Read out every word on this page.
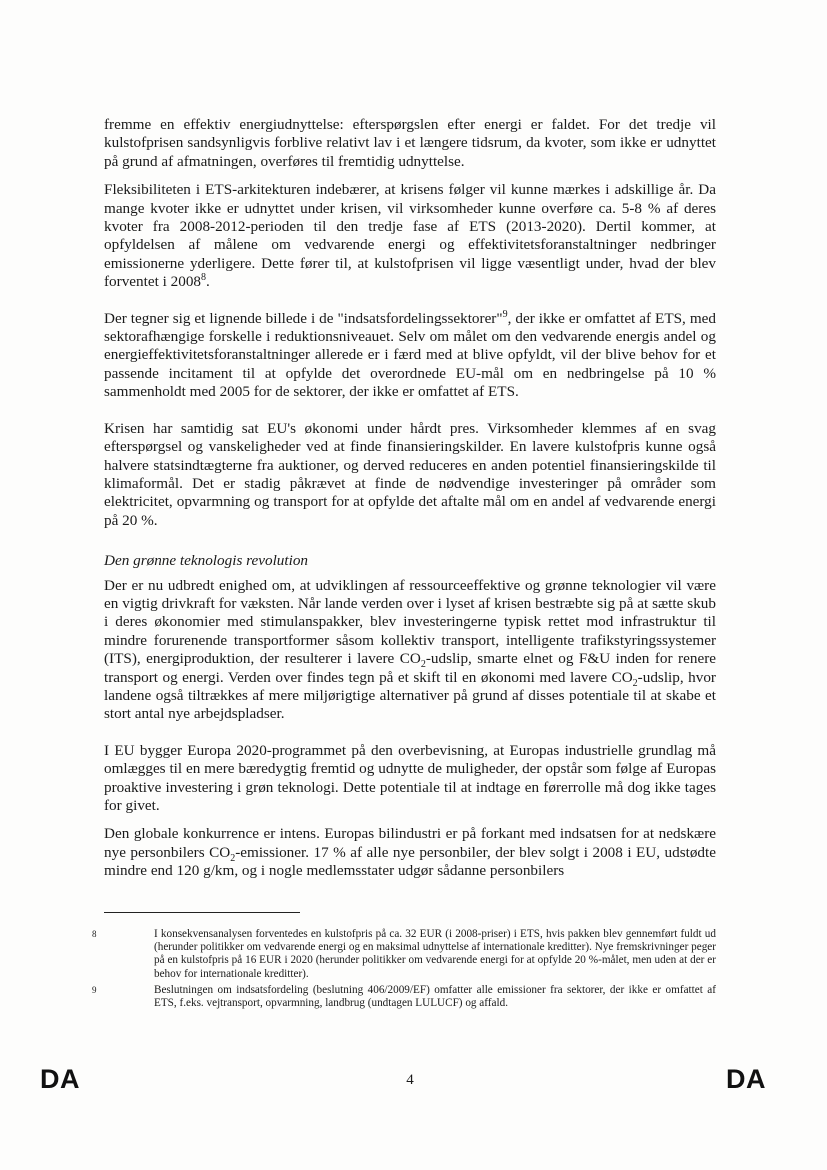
fremme en effektiv energiudnyttelse: efterspørgslen efter energi er faldet. For det tredje vil kulstofprisen sandsynligvis forblive relativt lav i et længere tidsrum, da kvoter, som ikke er udnyttet på grund af afmatningen, overføres til fremtidig udnyttelse.

Fleksibiliteten i ETS-arkitekturen indebærer, at krisens følger vil kunne mærkes i adskillige år. Da mange kvoter ikke er udnyttet under krisen, vil virksomheder kunne overføre ca. 5-8 % af deres kvoter fra 2008-2012-perioden til den tredje fase af ETS (2013-2020). Dertil kommer, at opfyldelsen af målene om vedvarende energi og effektivitetsforanstaltninger nedbringer emissionerne yderligere. Dette fører til, at kulstofprisen vil ligge væsentligt under, hvad der blev forventet i 2008$^8$.

Der tegner sig et lignende billede i de "indsatsfordelingssektorer"$^9$, der ikke er omfattet af ETS, med sektorafhængige forskelle i reduktionsniveauet. Selv om målet om den vedvarende energis andel og energieffektivitetsforanstaltninger allerede er i færd med at blive opfyldt, vil der blive behov for et passende incitament til at opfylde det overordnede EU-mål om en nedbringelse på 10 % sammenholdt med 2005 for de sektorer, der ikke er omfattet af ETS.

Krisen har samtidig sat EU's økonomi under hårdt pres. Virksomheder klemmes af en svag efterspørgsel og vanskeligheder ved at finde finansieringskilder. En lavere kulstofpris kunne også halvere statsindtægterne fra auktioner, og derved reduceres en anden potentiel finansieringskilde til klimaformål. Det er stadig påkrævet at finde de nødvendige investeringer på områder som elektricitet, opvarmning og transport for at opfylde det aftalte mål om en andel af vedvarende energi på 20 %.

Den grønne teknologis revolution

Der er nu udbredt enighed om, at udviklingen af ressourceeffektive og grønne teknologier vil være en vigtig drivkraft for væksten. Når lande verden over i lyset af krisen bestræbte sig på at sætte skub i deres økonomier med stimulanspakker, blev investeringerne typisk rettet mod infrastruktur til mindre forurenende transportformer såsom kollektiv transport, intelligente trafikstyringssystemer (ITS), energiproduktion, der resulterer i lavere $CO_2$-udslip, smarte elnet og F&U inden for renere transport og energi. Verden over findes tegn på et skift til en økonomi med lavere $CO_2$-udslip, hvor landene også tiltrækkes af mere miljørigtige alternativer på grund af disses potentiale til at skabe et stort antal nye arbejdspladser.

I EU bygger Europa 2020-programmet på den overbevisning, at Europas industrielle grundlag må omlægges til en mere bæredygtig fremtid og udnytte de muligheder, der opstår som følge af Europas proaktive investering i grøn teknologi. Dette potentiale til at indtage en førerrolle må dog ikke tages for givet.

Den globale konkurrence er intens. Europas bilindustri er på forkant med indsatsen for at nedskære nye personbilers $CO_2$-emissioner. 17 % af alle nye personbiler, der blev solgt i 2008 i EU, udstødte mindre end 120 g/km, og i nogle medlemsstater udgør sådanne personbilers

8	I konsekvensanalysen forventedes en kulstofpris på ca. 32 EUR (i 2008-priser) i ETS, hvis pakken blev gennemført fuldt ud (herunder politikker om vedvarende energi og en maksimal udnyttelse af internationale kreditter). Nye fremskrivninger peger på en kulstofpris på 16 EUR i 2020 (herunder politikker om vedvarende energi for at opfylde 20 %-målet, men uden at der er behov for internationale kreditter).
9	Beslutningen om indsatsfordeling (beslutning 406/2009/EF) omfatter alle emissioner fra sektorer, der ikke er omfattet af ETS, f.eks. vejtransport, opvarmning, landbrug (undtagen LULUCF) og affald.
DA	4	DA
